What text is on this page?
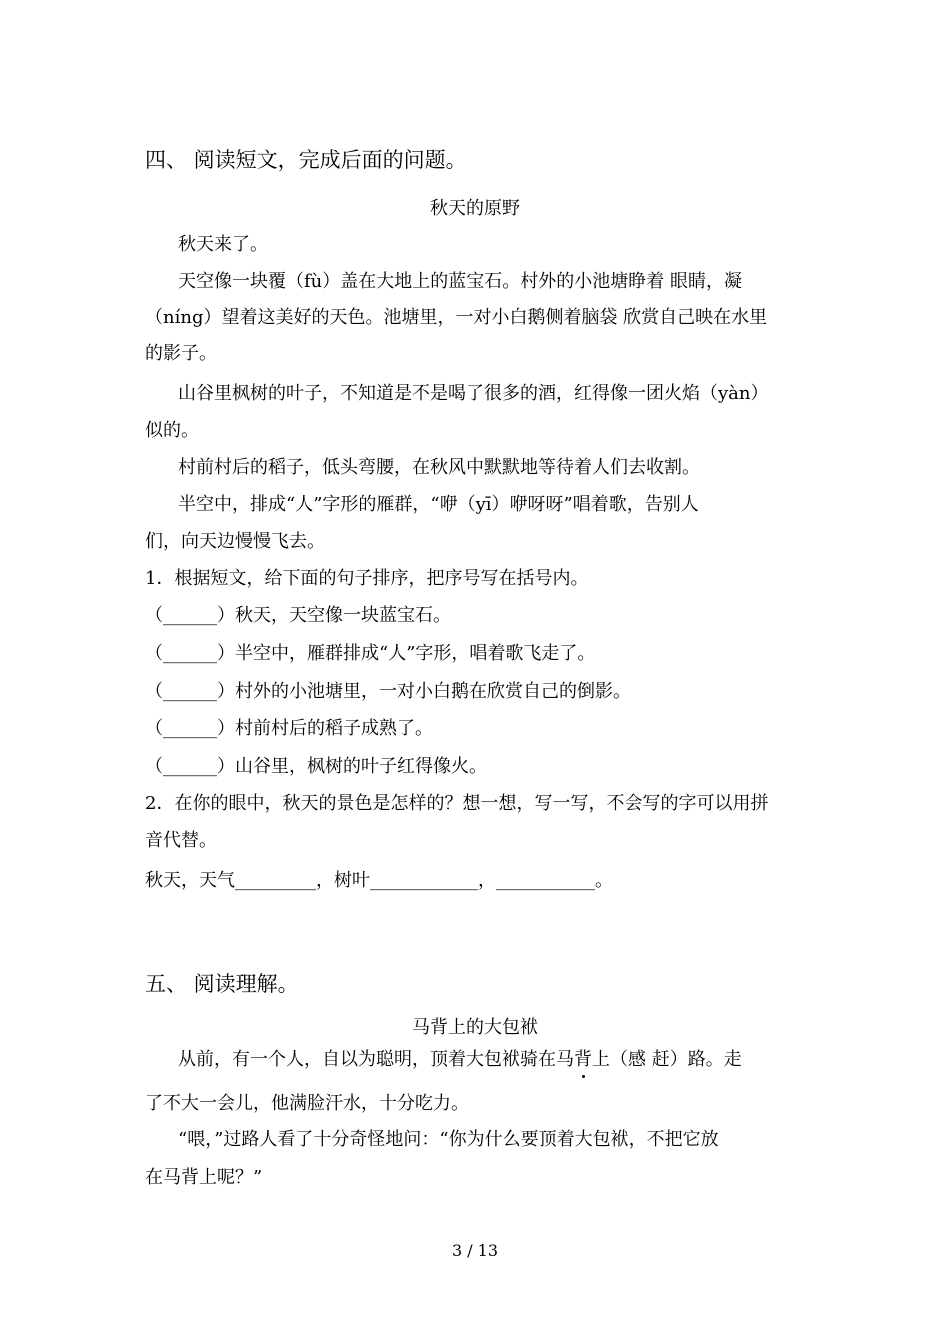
四、 阅读短文，完成后面的问题。
秋天的原野
秋天来了。
天空像一块覆（fù）盖在大地上的蓝宝石。村外的小池塘睁着 眼睛，凝
（níng）望着这美好的天色。池塘里，一对小白鹅侧着脑袋 欣赏自己映在水里
的影子。
山谷里枫树的叶子，不知道是不是喝了很多的酒，红得像一团火焰（yàn）
似的。
村前村后的稻子，低头弯腰，在秋风中默默地等待着人们去收割。
半空中，排成“人”字形的雁群，“咿（yī）咿呀呀”唱着歌，告别人
们，向天边慢慢飞去。
1．根据短文，给下面的句子排序，把序号写在括号内。
（______）秋天，天空像一块蓝宝石。
（______）半空中，雁群排成“人”字形，唱着歌飞走了。
（______）村外的小池塘里，一对小白鹅在欣赏自己的倒影。
（______）村前村后的稻子成熟了。
（______）山谷里，枫树的叶子红得像火。
2．在你的眼中，秋天的景色是怎样的？想一想，写一写，不会写的字可以用拼
音代替。
秋天，天气_________，树叶____________，___________。
五、 阅读理解。
马背上的大包袱
从前，有一个人，自以为聪明，顶着大包袱骑在马背上（感 赶）路。走
了不大一会儿，他满脸汗水，十分吃力。
“喂，”过路人看了十分奇怪地问：“你为什么要顶着大包袱，不把它放
在马背上呢？”
3 / 13
